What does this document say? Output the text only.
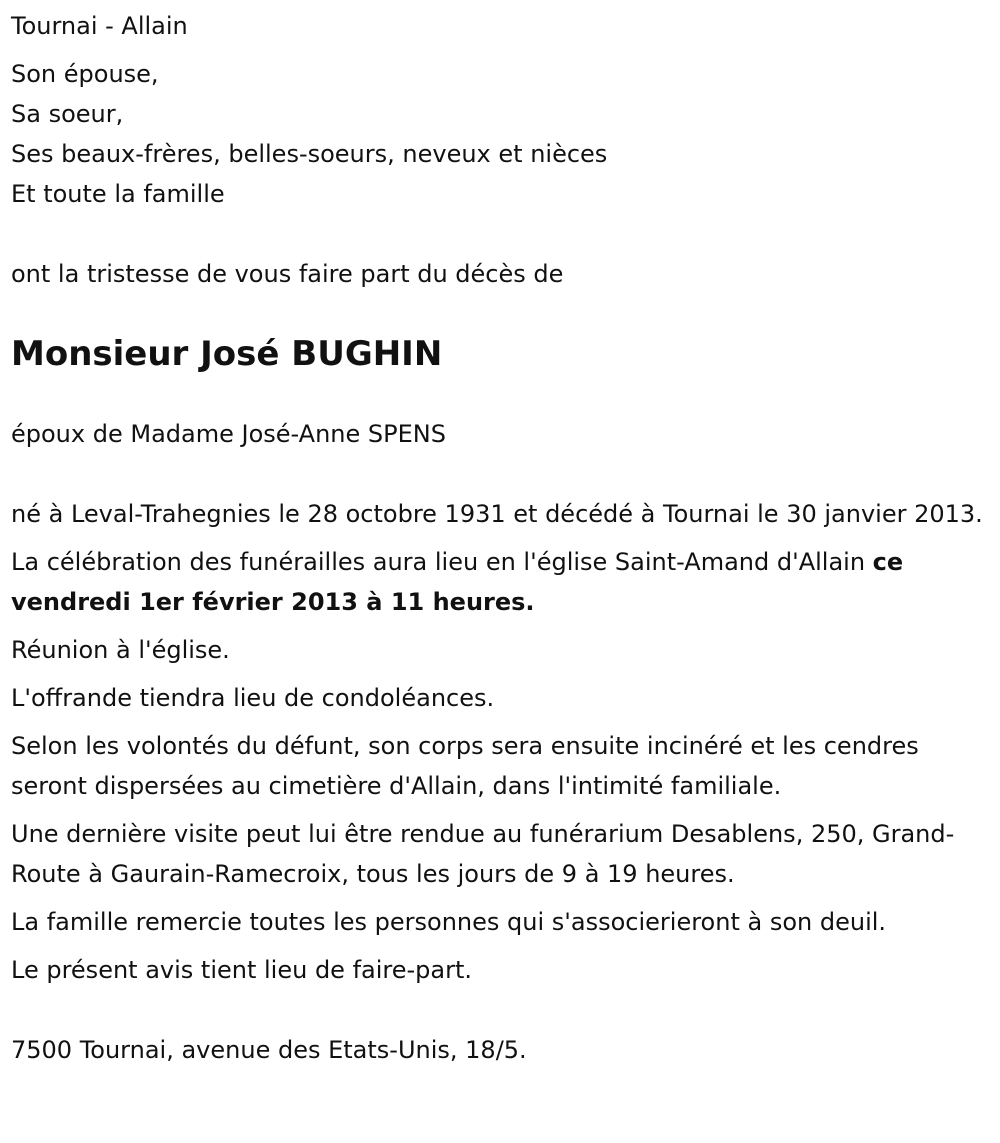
Tournai - Allain

Son épouse,

Sa soeur,

Ses beaux-frères, belles-soeurs, neveux et nièces

Et toute la famille

ont la tristesse de vous faire part du décès de

Monsieur José BUGHIN

époux de Madame José-Anne SPENS

né à Leval-Trahegnies le 28 octobre 1931 et décédé à Tournai le 30 janvier 2013.

La célébration des funérailles aura lieu en l'église Saint-Amand d'Allain ce vendredi 1er février 2013 à 11 heures.

Réunion à l'église.

L'offrande tiendra lieu de condoléances.

Selon les volontés du défunt, son corps sera ensuite incinéré et les cendres seront dispersées au cimetière d'Allain, dans l'intimité familiale.

Une dernière visite peut lui être rendue au funérarium Desablens, 250, Grand-Route à Gaurain-Ramecroix, tous les jours de 9 à 19 heures.

La famille remercie toutes les personnes qui s'associerieront à son deuil.

Le présent avis tient lieu de faire-part.

7500 Tournai, avenue des Etats-Unis, 18/5.
